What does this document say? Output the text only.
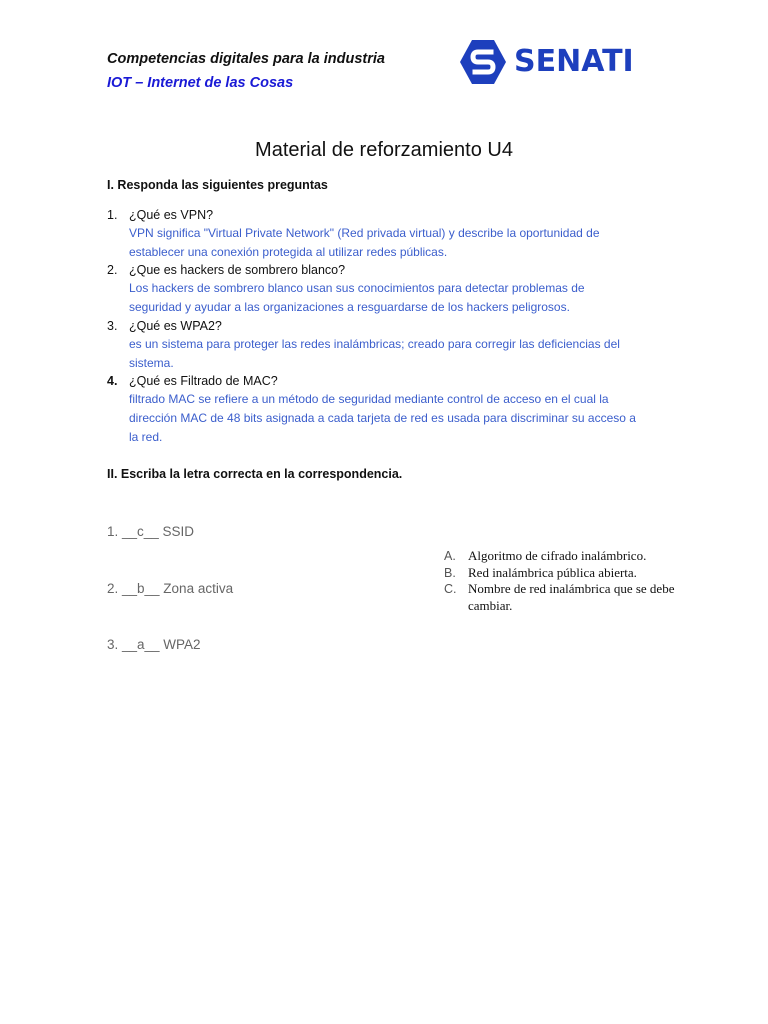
Competencias digitales para la industria
IOT – Internet de las Cosas
SENATI
Material de reforzamiento U4
I. Responda las siguientes preguntas
1. ¿Qué es VPN?
VPN significa "Virtual Private Network" (Red privada virtual) y describe la oportunidad de
establecer una conexión protegida al utilizar redes públicas.
2. ¿Que es hackers de sombrero blanco?
Los hackers de sombrero blanco usan sus conocimientos para detectar problemas de
seguridad y ayudar a las organizaciones a resguardarse de los hackers peligrosos.
3. ¿Qué es WPA2?
es un sistema para proteger las redes inalámbricas; creado para corregir las deficiencias del
sistema.
4. ¿Qué es Filtrado de MAC?
filtrado MAC se refiere a un método de seguridad mediante control de acceso en el cual la
dirección MAC de 48 bits asignada a cada tarjeta de red es usada para discriminar su acceso a
la red.
II. Escriba la letra correcta en la correspondencia.
1. __c__ SSID
2. __b__ Zona activa
3. __a__ WPA2
A. Algoritmo de cifrado inalámbrico.
B. Red inalámbrica pública abierta.
C. Nombre de red inalámbrica que se debe
cambiar.
